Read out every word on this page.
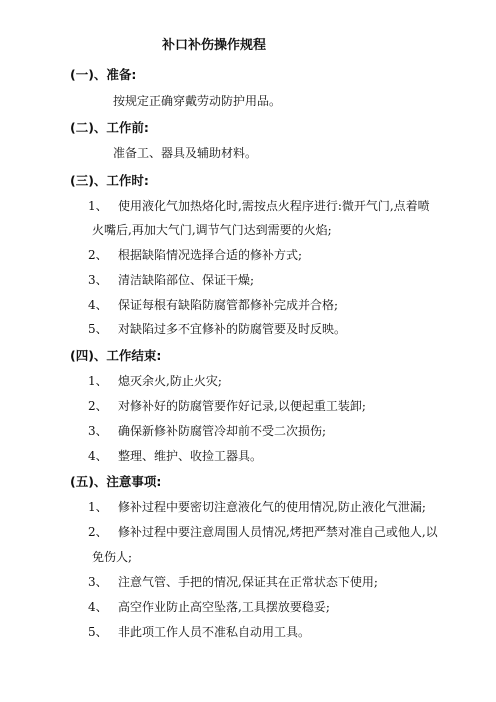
补口补伤操作规程
(一)、准备:
按规定正确穿戴劳动防护用品。
(二)、工作前:
准备工、器具及辅助材料。
(三)、工作时:
1、 使用液化气加热烙化时,需按点火程序进行:微开气门,点着喷
火嘴后,再加大气门,调节气门达到需要的火焰;
2、 根据缺陷情况选择合适的修补方式;
3、 清洁缺陷部位、保证干燥;
4、 保证每根有缺陷防腐管都修补完成并合格;
5、 对缺陷过多不宜修补的防腐管要及时反映。
(四)、工作结束:
1、 熄灭余火,防止火灾;
2、 对修补好的防腐管要作好记录,以便起重工装卸;
3、 确保新修补防腐管冷却前不受二次损伤;
4、 整理、维护、收捡工器具。
(五)、注意事项:
1、 修补过程中要密切注意液化气的使用情况,防止液化气泄漏;
2、 修补过程中要注意周围人员情况,烤把严禁对准自己或他人,以
免伤人;
3、 注意气管、手把的情况,保证其在正常状态下使用;
4、 高空作业防止高空坠落,工具摆放要稳妥;
5、 非此项工作人员不准私自动用工具。
